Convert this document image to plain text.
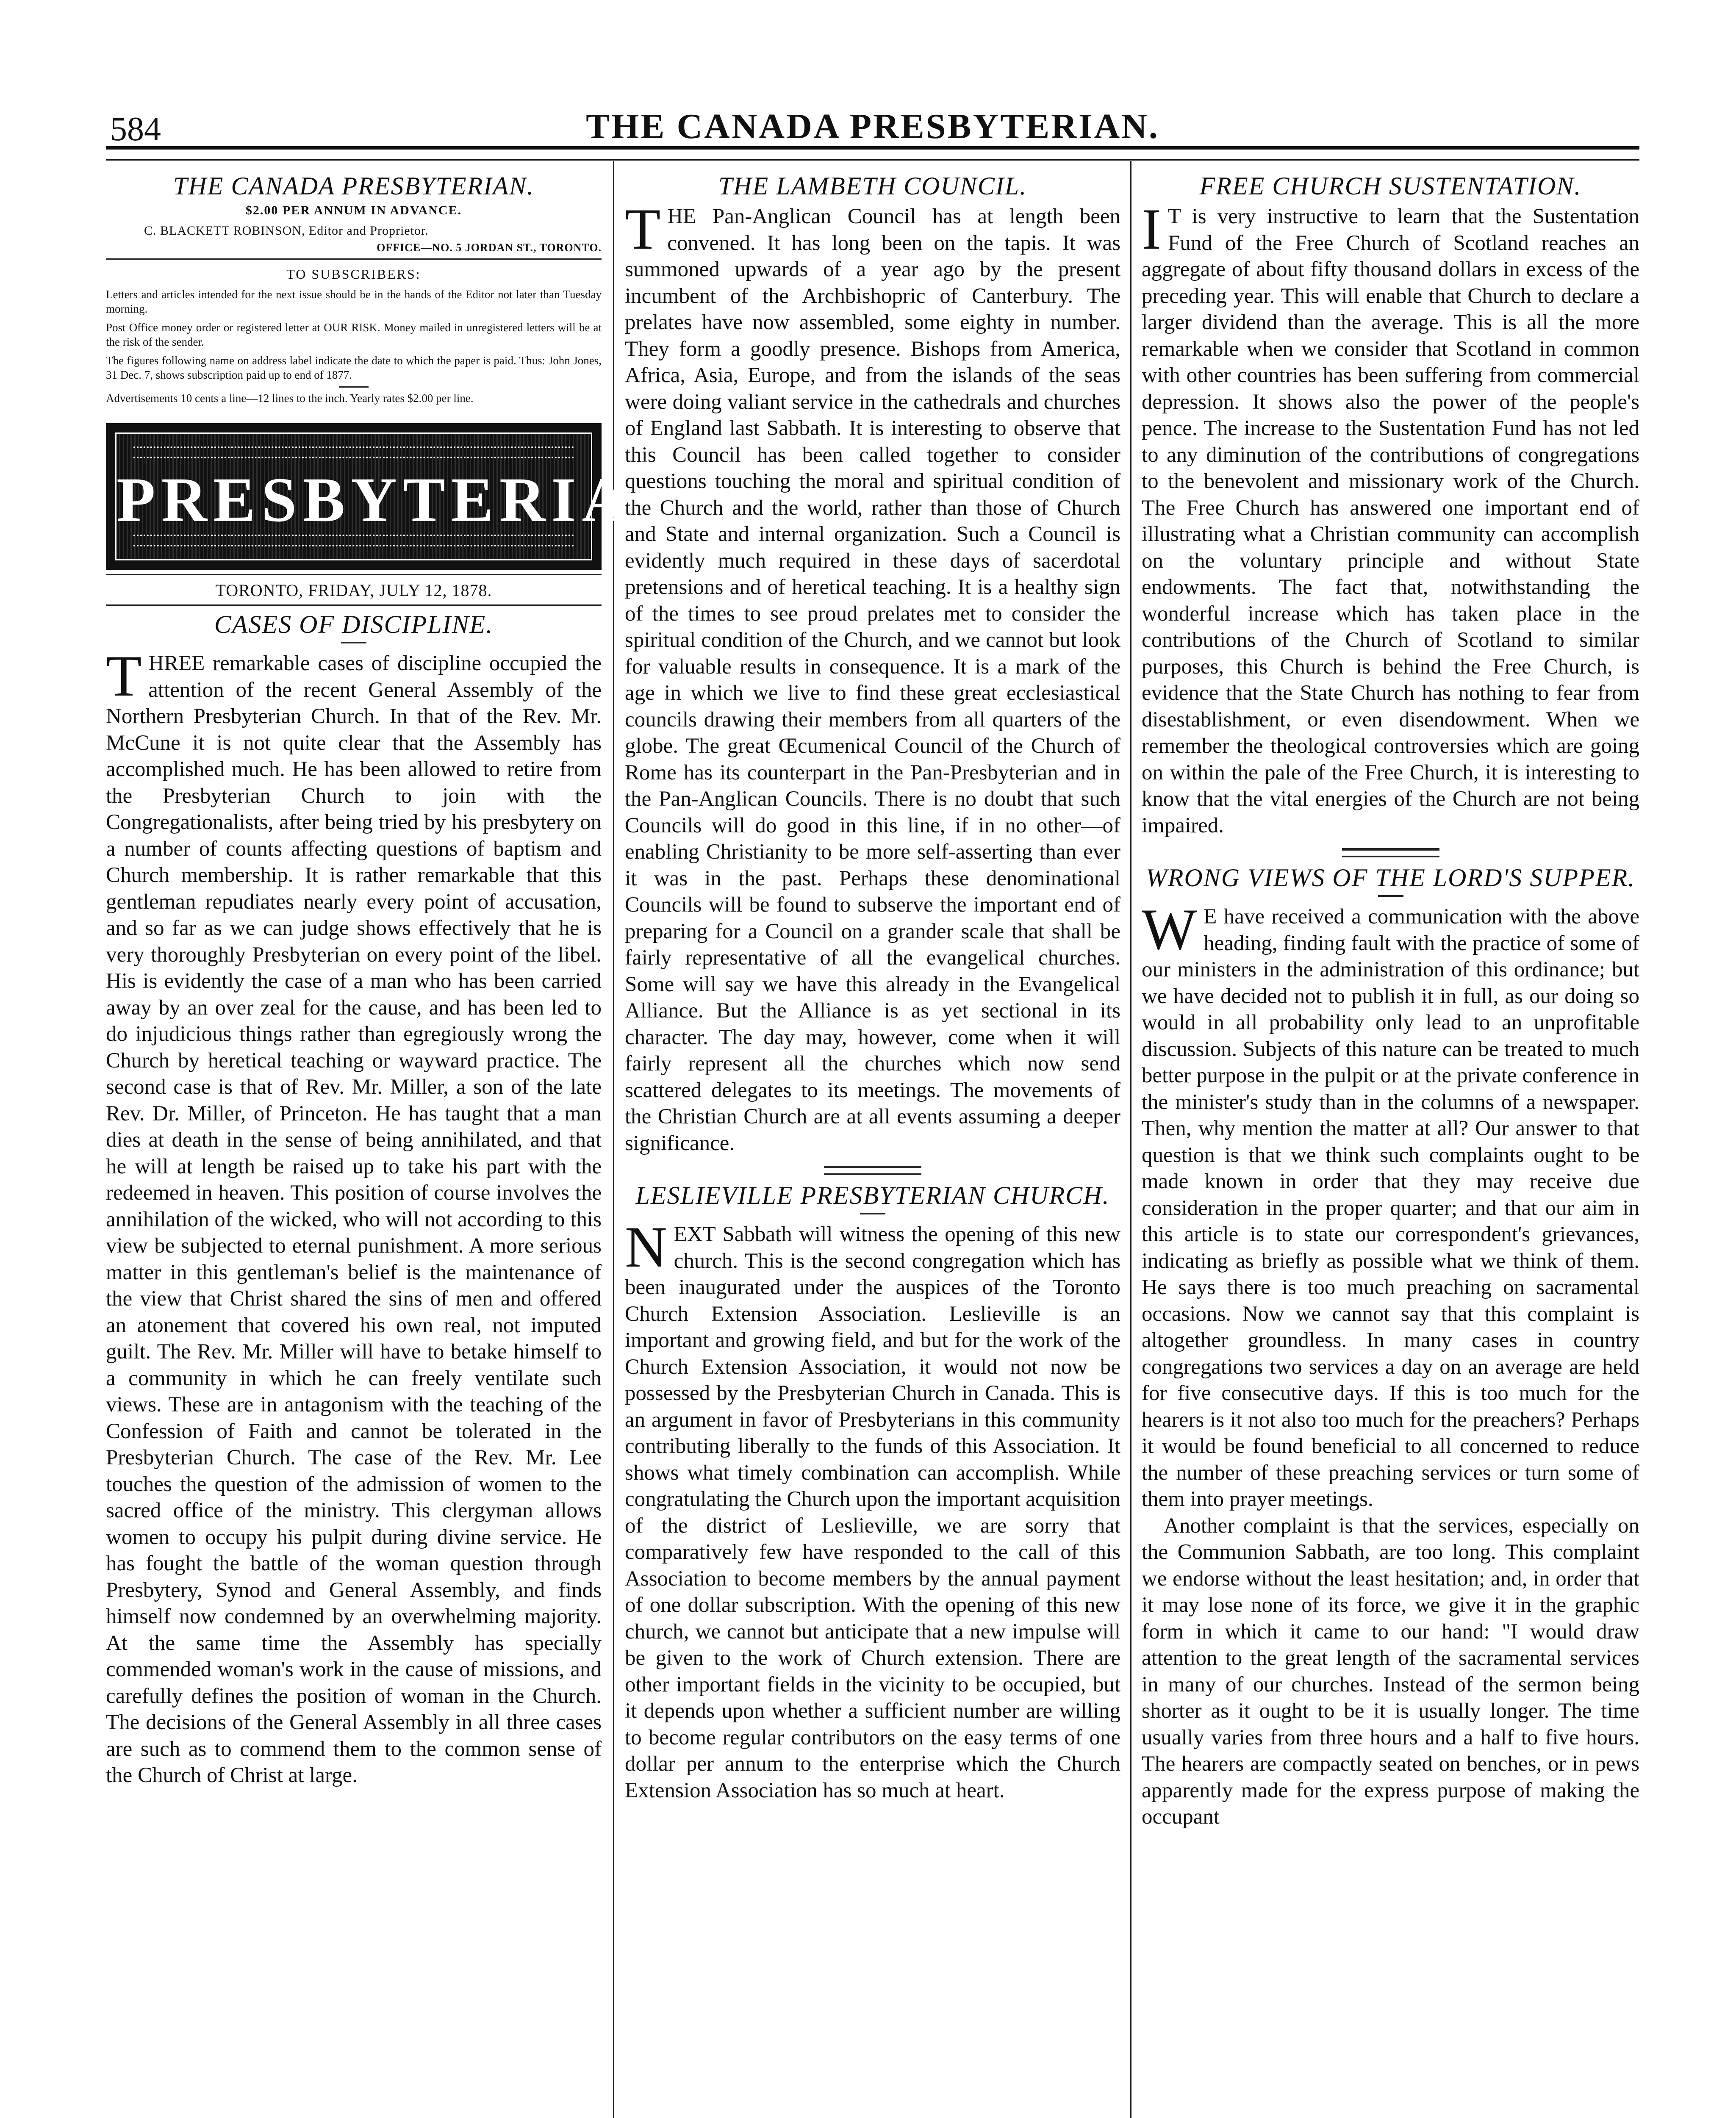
584	THE CANADA PRESBYTERIAN.
THE CANADA PRESBYTERIAN.
$2.00 PER ANNUM IN ADVANCE.
C. BLACKETT ROBINSON, Editor and Proprietor.
OFFICE—NO. 5 JORDAN ST., TORONTO.
TO SUBSCRIBERS:

Letters and articles intended for the next issue should be in the hands of the Editor not later than Tuesday morning.

Post Office money order or registered letter at OUR RISK. Money mailed in unregistered letters will be at the risk of the sender.

The figures following name on address label indicate the date to which the paper is paid. Thus: John Jones, 31 Dec. 7, shows subscription paid up to end of 1877.

Advertisements 10 cents a line—12 lines to the inch. Yearly rates $2.00 per line.

PRESBYTERIAN.
TORONTO, FRIDAY, JULY 12, 1878.
CASES OF DISCIPLINE.

THREE remarkable cases of discipline occupied the attention of the recent General Assembly of the Northern Presbyterian Church. In that of the Rev. Mr. McCune it is not quite clear that the Assembly has accomplished much. He has been allowed to retire from the Presbyterian Church to join with the Congregationalists, after being tried by his presbytery on a number of counts affecting questions of baptism and Church membership. It is rather remarkable that this gentleman repudiates nearly every point of accusation, and so far as we can judge shows effectively that he is very thoroughly Presbyterian on every point of the libel. His is evidently the case of a man who has been carried away by an over zeal for the cause, and has been led to do injudicious things rather than egregiously wrong the Church by heretical teaching or wayward practice. The second case is that of Rev. Mr. Miller, a son of the late Rev. Dr. Miller, of Princeton. He has taught that a man dies at death in the sense of being annihilated, and that he will at length be raised up to take his part with the redeemed in heaven. This position of course involves the annihilation of the wicked, who will not according to this view be subjected to eternal punishment. A more serious matter in this gentleman's belief is the maintenance of the view that Christ shared the sins of men and offered an atonement that covered his own real, not imputed guilt. The Rev. Mr. Miller will have to betake himself to a community in which he can freely ventilate such views. These are in antagonism with the teaching of the Confession of Faith and cannot be tolerated in the Presbyterian Church. The case of the Rev. Mr. Lee touches the question of the admission of women to the sacred office of the ministry. This clergyman allows women to occupy his pulpit during divine service. He has fought the battle of the woman question through Presbytery, Synod and General Assembly, and finds himself now condemned by an overwhelming majority. At the same time the Assembly has specially commended woman's work in the cause of missions, and carefully defines the position of woman in the Church. The decisions of the General Assembly in all three cases are such as to commend them to the common sense of the Church of Christ at large.

THE LAMBETH COUNCIL.

THE Pan-Anglican Council has at length been convened. It has long been on the tapis. It was summoned upwards of a year ago by the present incumbent of the Archbishopric of Canterbury. The prelates have now assembled, some eighty in number. They form a goodly presence. Bishops from America, Africa, Asia, Europe, and from the islands of the seas were doing valiant service in the cathedrals and churches of England last Sabbath. It is interesting to observe that this Council has been called together to consider questions touching the moral and spiritual condition of the Church and the world, rather than those of Church and State and internal organization. Such a Council is evidently much required in these days of sacerdotal pretensions and of heretical teaching. It is a healthy sign of the times to see proud prelates met to consider the spiritual condition of the Church, and we cannot but look for valuable results in consequence. It is a mark of the age in which we live to find these great ecclesiastical councils drawing their members from all quarters of the globe. The great Œcumenical Council of the Church of Rome has its counterpart in the Pan-Presbyterian and in the Pan-Anglican Councils. There is no doubt that such Councils will do good in this line, if in no other—of enabling Christianity to be more self-asserting than ever it was in the past. Perhaps these denominational Councils will be found to subserve the important end of preparing for a Council on a grander scale that shall be fairly representative of all the evangelical churches. Some will say we have this already in the Evangelical Alliance. But the Alliance is as yet sectional in its character. The day may, however, come when it will fairly represent all the churches which now send scattered delegates to its meetings. The movements of the Christian Church are at all events assuming a deeper significance.

LESLIEVILLE PRESBYTERIAN CHURCH.

NEXT Sabbath will witness the opening of this new church. This is the second congregation which has been inaugurated under the auspices of the Toronto Church Extension Association. Leslieville is an important and growing field, and but for the work of the Church Extension Association, it would not now be possessed by the Presbyterian Church in Canada. This is an argument in favor of Presbyterians in this community contributing liberally to the funds of this Association. It shows what timely combination can accomplish. While congratulating the Church upon the important acquisition of the district of Leslieville, we are sorry that comparatively few have responded to the call of this Association to become members by the annual payment of one dollar subscription. With the opening of this new church, we cannot but anticipate that a new impulse will be given to the work of Church extension. There are other important fields in the vicinity to be occupied, but it depends upon whether a sufficient number are willing to become regular contributors on the easy terms of one dollar per annum to the enterprise which the Church Extension Association has so much at heart.

FREE CHURCH SUSTENTATION.

I T is very instructive to learn that the Sustentation Fund of the Free Church of Scotland reaches an aggregate of about fifty thousand dollars in excess of the preceding year. This will enable that Church to declare a larger dividend than the average. This is all the more remarkable when we consider that Scotland in common with other countries has been suffering from commercial depression. It shows also the power of the people's pence. The increase to the Sustentation Fund has not led to any diminution of the contributions of congregations to the benevolent and missionary work of the Church. The Free Church has answered one important end of illustrating what a Christian community can accomplish on the voluntary principle and without State endowments. The fact that, notwithstanding the wonderful increase which has taken place in the contributions of the Church of Scotland to similar purposes, this Church is behind the Free Church, is evidence that the State Church has nothing to fear from disestablishment, or even disendowment. When we remember the theological controversies which are going on within the pale of the Free Church, it is interesting to know that the vital energies of the Church are not being impaired.

WRONG VIEWS OF THE LORD'S SUPPER.

W E have received a communication with the above heading, finding fault with the practice of some of our ministers in the administration of this ordinance; but we have decided not to publish it in full, as our doing so would in all probability only lead to an unprofitable discussion. Subjects of this nature can be treated to much better purpose in the pulpit or at the private conference in the minister's study than in the columns of a newspaper. Then, why mention the matter at all? Our answer to that question is that we think such complaints ought to be made known in order that they may receive due consideration in the proper quarter; and that our aim in this article is to state our correspondent's grievances, indicating as briefly as possible what we think of them. He says there is too much preaching on sacramental occasions. Now we cannot say that this complaint is altogether groundless. In many cases in country congregations two services a day on an average are held for five consecutive days. If this is too much for the hearers is it not also too much for the preachers? Perhaps it would be found beneficial to all concerned to reduce the number of these preaching services or turn some of them into prayer meetings.

Another complaint is that the services, especially on the Communion Sabbath, are too long. This complaint we endorse without the least hesitation; and, in order that it may lose none of its force, we give it in the graphic form in which it came to our hand: "I would draw attention to the great length of the sacramental services in many of our churches. Instead of the sermon being shorter as it ought to be it is usually longer. The time usually varies from three hours and a half to five hours. The hearers are compactly seated on benches, or in pews apparently made for the express purpose of making the occupant
